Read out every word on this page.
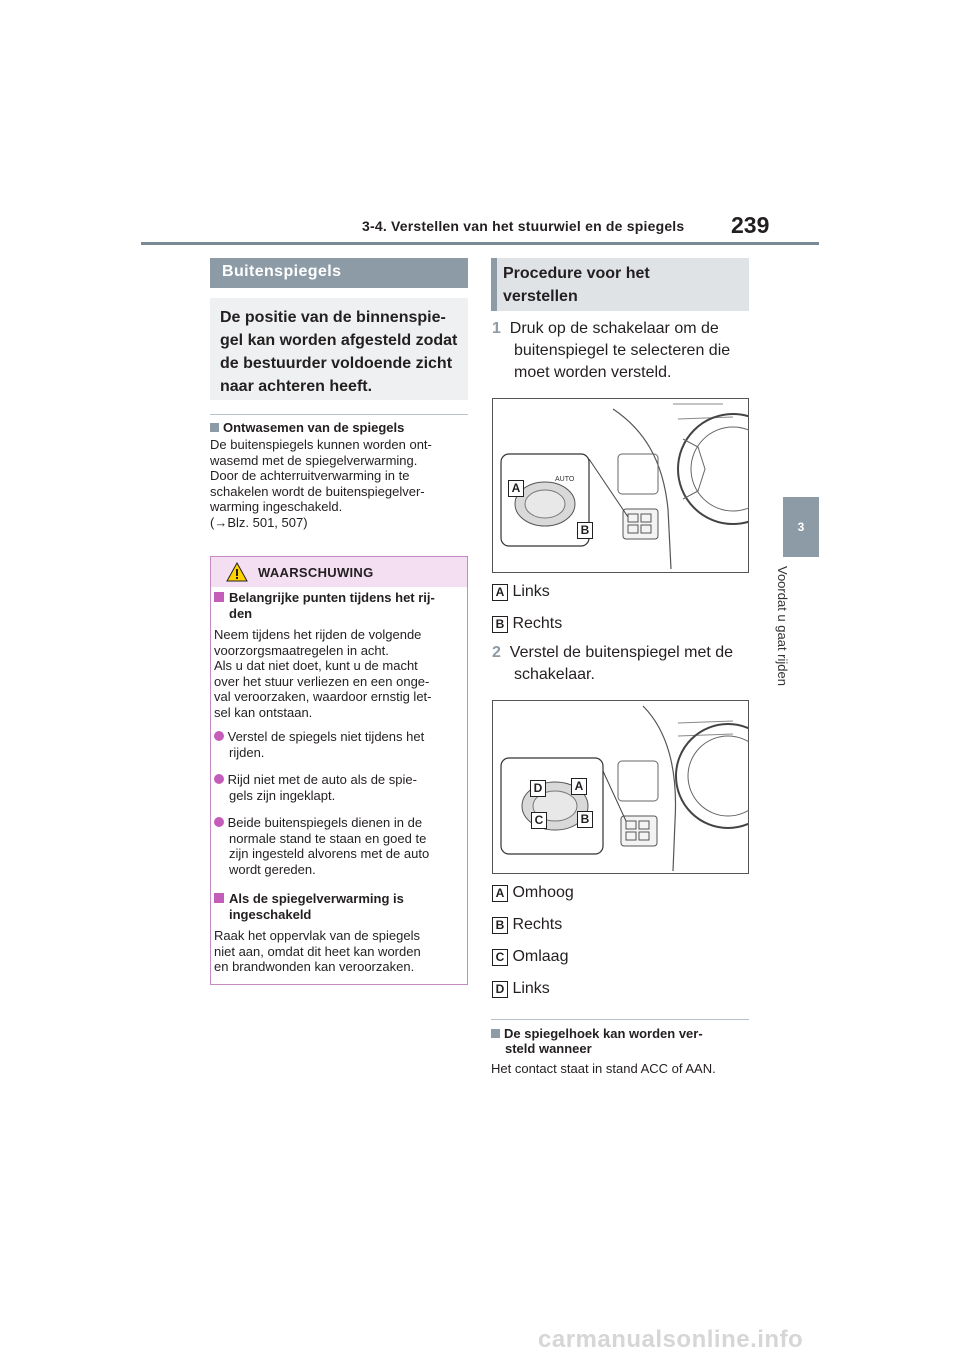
3-4. Verstellen van het stuurwiel en de spiegels 239
3
Voordat u gaat rijden
Buitenspiegels
De positie van de binnenspie-
gel kan worden afgesteld zodat
de bestuurder voldoende zicht
naar achteren heeft.
Ontwasemen van de spiegels
De buitenspiegels kunnen worden ont-
wasemd met de spiegelverwarming.
Door de achterruitverwarming in te
schakelen wordt de buitenspiegelver-
warming ingeschakeld.
(→Blz. 501, 507)
WAARSCHUWING
Belangrijke punten tijdens het rij-
den
Neem tijdens het rijden de volgende
voorzorgsmaatregelen in acht.
Als u dat niet doet, kunt u de macht
over het stuur verliezen en een onge-
val veroorzaken, waardoor ernstig let-
sel kan ontstaan.
Verstel de spiegels niet tijdens het
rijden.
Rijd niet met de auto als de spie-
gels zijn ingeklapt.
Beide buitenspiegels dienen in de
normale stand te staan en goed te
zijn ingesteld alvorens met de auto
wordt gereden.
Als de spiegelverwarming is
ingeschakeld
Raak het oppervlak van de spiegels
niet aan, omdat dit heet kan worden
en brandwonden kan veroorzaken.
Procedure voor het
verstellen
1 Druk op de schakelaar om de
buitenspiegel te selecteren die
moet worden versteld.
AUTO
A
B
A Links
B Rechts
2 Verstel de buitenspiegel met de
schakelaar.
D	A
C	B
A Omhoog
B Rechts
C Omlaag
D Links
De spiegelhoek kan worden ver-
steld wanneer
Het contact staat in stand ACC of AAN.
carmanualsonline.info
